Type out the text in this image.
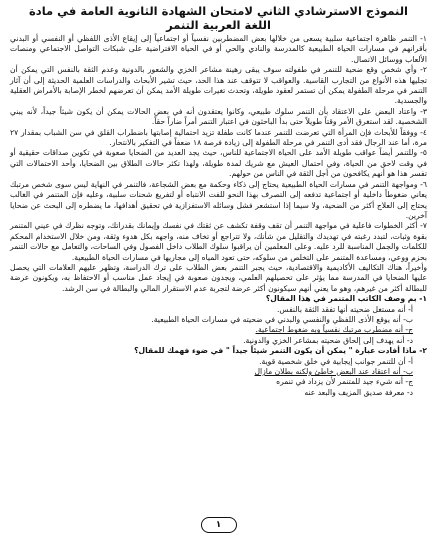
النموذج الاسترشادي الثاني لامتحان الشهادة الثانوية العامة في مادة اللغة العربية التنمر

١- التنمر ظاهرة اجتماعية سلبية يسعى من خلالها بعض المضطربين نفسياً أو اجتماعياً إلى إيقاع الأذى اللفظي أو النفسي أو البدني بأقرانهم في مسارات الحياة الطبيعية كالمدرسة والنادي والحي أو في الحياة الافتراضية على شبكات التواصل الاجتماعي ومنصات الألعاب ووسائل الاتصال.

٢- وأي شخص وقع ضحية للتنمر في طفولته سوف يبقى رهينة مشاعر الخزي والشعور بالدونية وعدم الثقة بالنفس التي يمكن أن تجليها هذه الأنواع من التجارب القاسية. والعواقب لا تتوقف عند هذا الحد، حيث تشير الأبحاث والدراسات العلمية الحديثة إلى أن آثار التنمر في مرحلة الطفولة يمكن أن تستمر لعقود طويلة، وتحدث تغيرات طويلة الأمد يمكن أن تعرضهم لخطر الإصابة بالأمراض العقلية والجسدية.

٣- واعتاد البعض على الاعتقاد بأن التنمر سلوك طبيعي، وكانوا يعتقدون أنه في بعض الحالات يمكن أن يكون شيئاً جيداً، لأنه يبني الشخصية. لقد استغرق الأمر وقتاً طويلاً حتى بدأ الباحثون في اعتبار التنمر أمراً ضاراً حقاً.

٤- ووفقاً للأبحاث فإن المرأة التي تعرضت للتنمر عندما كانت طفلة تزيد احتمالية إصابتها باضطراب القلق في سن الشباب بمقدار ٢٧ مرة، أما عند الرجال فقد أدى التنمر في مرحلة الطفولة إلى زيادة فرصة ١٨ ضعفاً في التفكير بالانتحار.

٥- وللتنمر أيضاً عواقب طويلة الأمد على الحياة الاجتماعية للناس، حيث يجد العديد من الضحايا صعوبة في تكوين صداقات حقيقية أو في وقت لاحق من الحياة، وفي احتمال العيش مع شريك لمدة طويلة، ولهذا تكثر حالات الطلاق بين الضحايا، وأحد الاحتمالات التي تفسر هذا هو أنهم يكافحون من أجل الثقة في الناس من حولهم.

٦- ومواجهة التنمر في مسارات الحياة الطبيعية يحتاج إلى ذكاء وحكمة مع بعض الشجاعة، فالتنمر في النهاية ليس سوى شخص مرتبك يعاني ضغوطاً داخلية أو اجتماعية تدفعه إلى التصرف بهذا النحو للفت الانتباه أو لتفريغ شحنات سلبية، وعليه فإن المتنمر في الغالب يحتاج إلى العلاج أكثر من الضحية، ولا سيما إذا استشعر فشل وسائله الاستفزازية في تحقيق أهدافها، ما يضطره إلى البحث عن ضحايا آخرين.

٧- أكثر الخطوات فاعلية في مواجهة التنمر أن تقف وقفة تكشف عن ثقتك في نفسك وإيمانك بقدراتك، وتوجه نظرك في عيني المتنمر بقوة وثبات، لتبدد رغبته في تهديدك والتقليل من شأنك، ولا تتراجع أو تخاف منه، واجهه بكل هدوء وثقة، ومن خلال الاستخدام المحكم للكلمات والجمل المناسبة للرد عليه. وعلى المعلمين أن يراقبوا سلوك الطلاب داخل الفصول وفي الساحات، والتعامل مع حالات التنمر بحزم ووعي، ومساعدة المتنمر على التخلص من سلوكه، حتى تعود المياه إلى مجاريها في مسارات الحياة الطبيعية.

وأخيراً، هناك التكاليف الأكاديمية والاقتصادية، حيث يجبر التنمر بعض الطلاب على ترك الدراسة، وتظهر عليهم العلامات التي يحصل عليها الضحايا في المدرسة مما يؤثر على تحصيلهم العلمي، ويجدون صعوبة في إيجاد عمل مناسب أو الاحتفاظ به، ويكونون عرضة للبطالة أكثر من غيرهم، وهو ما يعني أنهم سيكونون أكثر عرضة لتجربة عدم الاستقرار المالي والبطالة في سن الرشد.

١- بم وصف الكاتب المتنمر في هذا المقال؟

أ- أنه مستغل ضحيته أنها تفقد الثقة بالنفس.

ب- أنه يوقع الأذى اللفظي والنفسي والبدني في ضحيته في مسارات الحياة الطبيعية.

ج- أنه مضطرب مرتبك نفسياً وبه ضغوط اجتماعية.

د- أنه يهدف إلى إلحاق ضحيته بمشاعر الخزي والدونية.

٢- ماذا أفادت عبارة " يمكن أن يكون التنمر شيئاً جيداً " في ضوء فهمك للمقال؟

أ- أن للتنمر جوانب إيجابية في خلق شخصية قوية.

ب- أنه اعتقاد عند البعض خاطئ ولكنه بطلان مازال

ج- أنه شيء جيد للمتنمر لأن يزداد في تنمره

د- معرفة صديق المزيف والبعد عنه

١
